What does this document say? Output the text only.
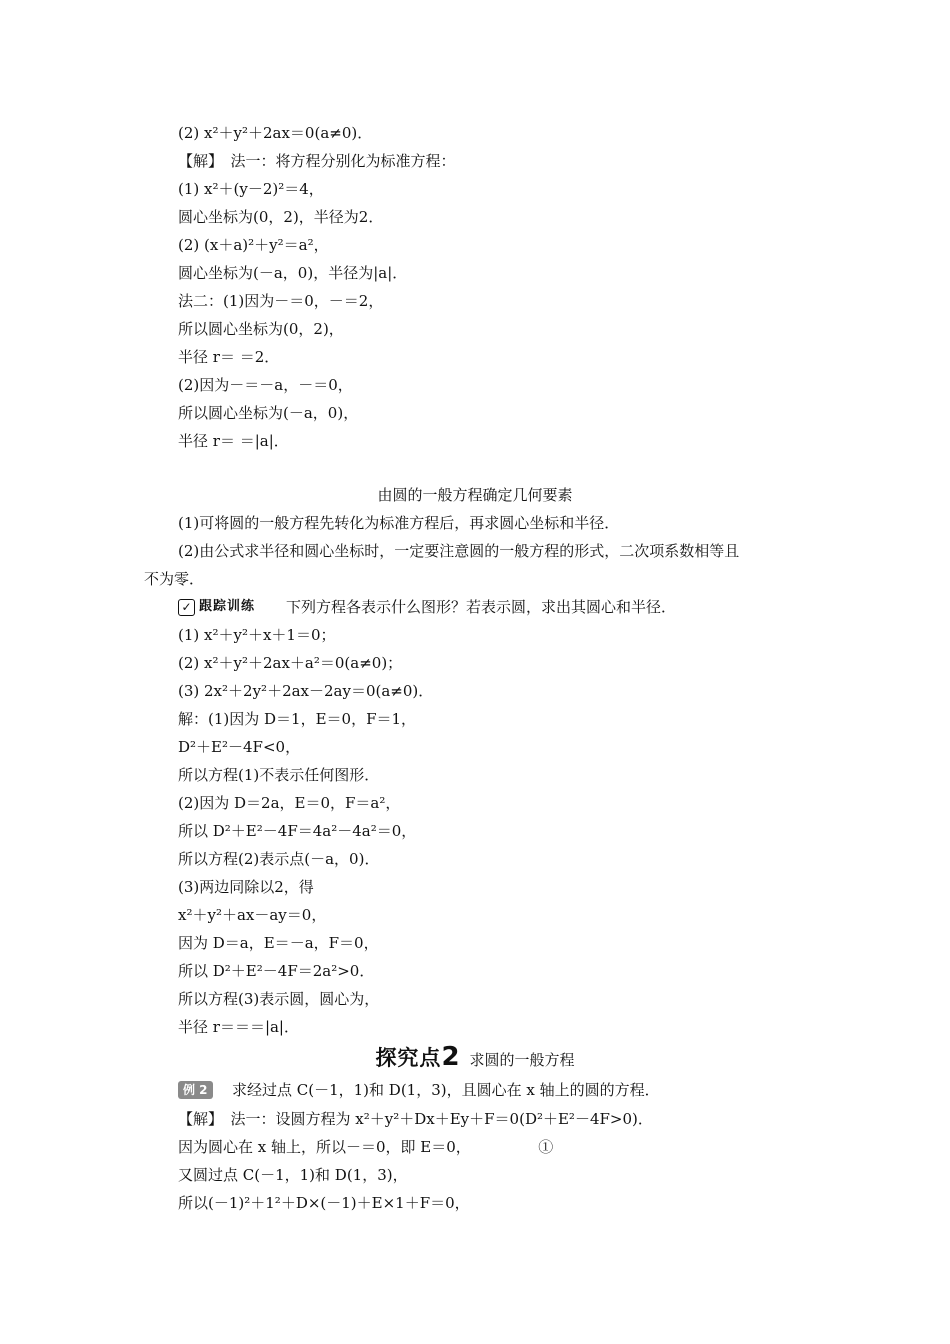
(2) x²＋y²＋2ax＝0(a≠0)．
【解】　法一：将方程分别化为标准方程：
(1) x²＋(y－2)²＝4，
圆心坐标为(0，2)，半径为2．
(2) (x＋a)²＋y²＝a²，
圆心坐标为(－a，0)，半径为|a|．
法二：(1)因为－＝0，－＝2，
所以圆心坐标为(0，2)，
半径 r＝ ＝2．
(2)因为－＝－a，－＝0，
所以圆心坐标为(－a，0)，
半径 r＝ ＝|a|．
由圆的一般方程确定几何要素
(1)可将圆的一般方程先转化为标准方程后，再求圆心坐标和半径．
(2)由公式求半径和圆心坐标时，一定要注意圆的一般方程的形式，二次项系数相等且
不为零．
✓ 跟踪训练 下列方程各表示什么图形？若表示圆，求出其圆心和半径．
(1) x²＋y²＋x＋1＝0；
(2) x²＋y²＋2ax＋a²＝0(a≠0)；
(3) 2x²＋2y²＋2ax－2ay＝0(a≠0)．
解：(1)因为 D＝1，E＝0，F＝1，
D²＋E²－4F<0，
所以方程(1)不表示任何图形．
(2)因为 D＝2a，E＝0，F＝a²，
所以 D²＋E²－4F＝4a²－4a²＝0，
所以方程(2)表示点(－a，0)．
(3)两边同除以2，得
x²＋y²＋ax－ay＝0，
因为 D＝a，E＝－a，F＝0，
所以 D²＋E²－4F＝2a²>0．
所以方程(3)表示圆，圆心为，
半径 r＝＝＝|a|．
探究点2 求圆的一般方程
例 2	求经过点 C(－1，1)和 D(1，3)，且圆心在 x 轴上的圆的方程．
【解】　法一：设圆方程为 x²＋y²＋Dx＋Ey＋F＝0(D²＋E²－4F>0)．
因为圆心在 x 轴上，所以－＝0，即 E＝0，　　　　　①
又圆过点 C(－1，1)和 D(1，3)，
所以(－1)²＋1²＋D×(－1)＋E×1＋F＝0，
